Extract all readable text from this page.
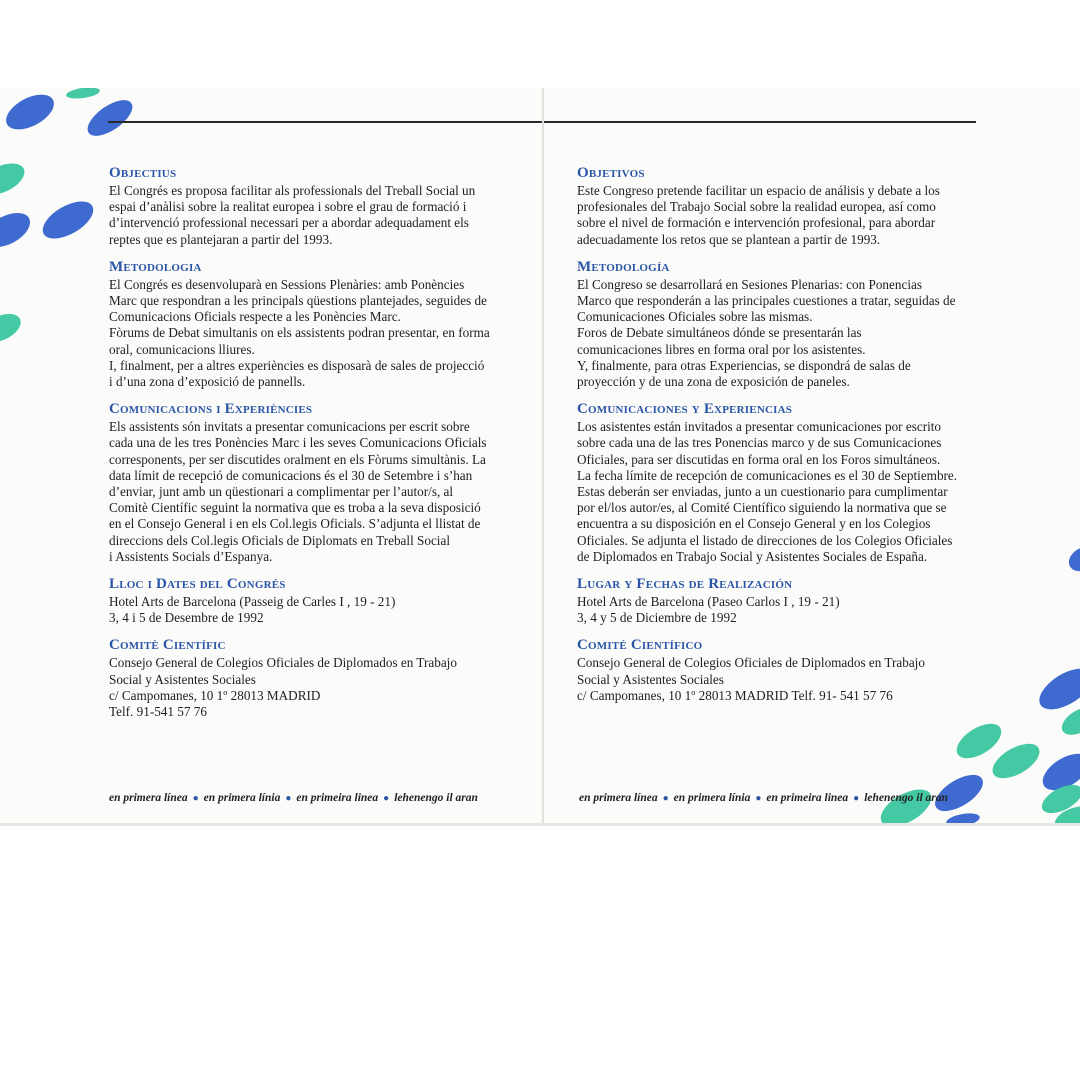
Objectius

El Congrés es proposa facilitar als professionals del Treball Social un
espai d’anàlisi sobre la realitat europea i sobre el grau de formació i
d’intervenció professional necessari per a abordar adequadament els
reptes que es plantejaran a partir del 1993.

Metodologia

El Congrés es desenvoluparà en Sessions Plenàries: amb Ponències
Marc que respondran a les principals qüestions plantejades, seguides de
Comunicacions Oficials respecte a les Ponències Marc.
Fòrums de Debat simultanis on els assistents podran presentar, en forma
oral, comunicacions lliures.
I, finalment, per a altres experiències es disposarà de sales de projecció
i d’una zona d’exposició de pannells.

Comunicacions i Experiències

Els assistents són invitats a presentar comunicacions per escrit sobre
cada una de les tres Ponències Marc i les seves Comunicacions Oficials
corresponents, per ser discutides oralment en els Fòrums simultànis. La
data límit de recepció de comunicacions és el 30 de Setembre i s’han
d’enviar, junt amb un qüestionari a complimentar per l’autor/s, al
Comitè Científic seguint la normativa que es troba a la seva disposició
en el Consejo General i en els Col.legis Oficials. S’adjunta el llistat de
direccions dels Col.legis Oficials de Diplomats en Treball Social
i Assistents Socials d’Espanya.

Lloc i Dates del Congrés

Hotel Arts de Barcelona (Passeig de Carles I , 19 - 21)
3, 4 i 5 de Desembre de 1992

Comitè Científic

Consejo General de Colegios Oficiales de Diplomados en Trabajo
Social y Asistentes Sociales
c/ Campomanes, 10 1º 28013 MADRID
Telf. 91-541 57 76

en primera línea ● en primera línia ● en primeira linea ● lehenengo il aran
Objetivos

Este Congreso pretende facilitar un espacio de análisis y debate a los
profesionales del Trabajo Social sobre la realidad europea, así como
sobre el nivel de formación e intervención profesional, para abordar
adecuadamente los retos que se plantean a partir de 1993.

Metodología

El Congreso se desarrollará en Sesiones Plenarias: con Ponencias
Marco que responderán a las principales cuestiones a tratar, seguidas de
Comunicaciones Oficiales sobre las mismas.
Foros de Debate simultáneos dónde se presentarán las
comunicaciones libres en forma oral por los asistentes.
Y, finalmente, para otras Experiencias, se dispondrá de salas de
proyección y de una zona de exposición de paneles.

Comunicaciones y Experiencias

Los asistentes están invitados a presentar comunicaciones por escrito
sobre cada una de las tres Ponencias marco y de sus Comunicaciones
Oficiales, para ser discutidas en forma oral en los Foros simultáneos.
La fecha límite de recepción de comunicaciones es el 30 de Septiembre.
Estas deberán ser enviadas, junto a un cuestionario para cumplimentar
por el/los autor/es, al Comité Científico siguiendo la normativa que se
encuentra a su disposición en el Consejo General y en los Colegios
Oficiales. Se adjunta el listado de direcciones de los Colegios Oficiales
de Diplomados en Trabajo Social y Asistentes Sociales de España.

Lugar y Fechas de Realización

Hotel Arts de Barcelona (Paseo Carlos I , 19 - 21)
3, 4 y 5 de Diciembre de 1992

Comité Científico

Consejo General de Colegios Oficiales de Diplomados en Trabajo
Social y Asistentes Sociales
c/ Campomanes, 10 1º 28013 MADRID Telf. 91- 541 57 76

en primera línea ● en primera línia ● en primeira linea ● lehenengo il aran
